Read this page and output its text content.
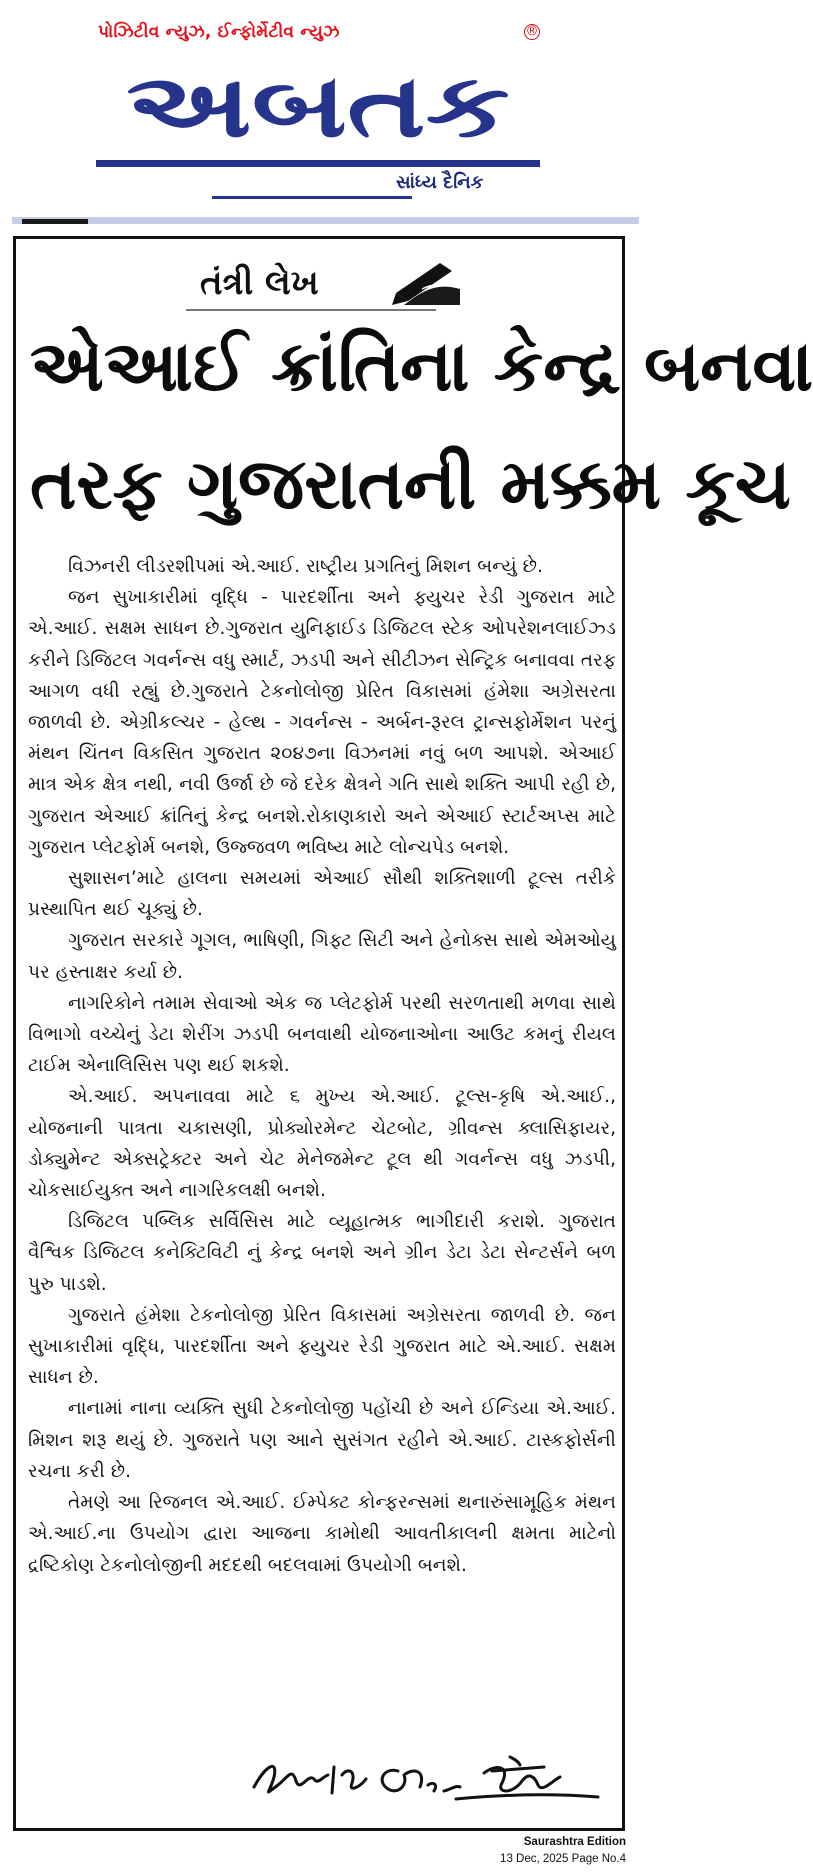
પોઝિટીવ ન્યુઝ, ઈન્ફોર્મેટીવ ન્યુઝ	®
અબતક
સાંધ્ય દૈનિક
તંત્રી લેખ
એઆઈ ક્રાંતિના કેન્દ્ર બનવા
તરફ ગુજરાતની મક્કમ કૂચ

વિઝનરી લીડરશીપમાં એ.આઈ. રાષ્ટ્રીય પ્રગતિનું મિશન બન્યું છે.

જન સુખાકારીમાં વૃદ્ધિ - પારદર્શીતા અને ફ્યુચર રેડી ગુજરાત માટે એ.આઈ. સક્ષમ સાધન છે.ગુજરાત યુનિફાઈડ ડિજિટલ સ્ટેક ઓપરેશનલાઈઝ્ડ કરીને ડિજિટલ ગવર્નન્સ વધુ સ્માર્ટ, ઝડપી અને સીટીઝન સેન્ટ્રિક બનાવવા તરફ આગળ વધી રહ્યું છે.ગુજરાતે ટેકનોલોજી પ્રેરિત વિકાસમાં હંમેશા અગ્રેસરતા જાળવી છે. એગ્રીકલ્ચર - હેલ્થ - ગવર્નન્સ - અર્બન-રૂરલ ટ્રાન્સફોર્મેશન પરનું મંથન ચિંતન વિકસિત ગુજરાત ૨૦૪૭ના વિઝનમાં નવું બળ આપશે. એઆઈ માત્ર એક ક્ષેત્ર નથી, નવી ઉર્જા છે જે દરેક ક્ષેત્રને ગતિ સાથે શક્તિ આપી રહી છે, ગુજરાત એઆઈ ક્રાંતિનું કેન્દ્ર બનશે.રોકાણકારો અને એઆઈ સ્ટાર્ટઅપ્સ માટે ગુજરાત પ્લેટફોર્મ બનશે, ઉજ્જવળ ભવિષ્ય માટે લોન્ચપેડ બનશે.

સુશાસન’માટે હાલના સમયમાં એઆઈ સૌથી શક્તિશાળી ટૂલ્સ તરીકે પ્રસ્થાપિત થઈ ચૂક્યું છે.

ગુજરાત સરકારે ગૂગલ, ભાષિણી, ગિફ્ટ સિટી અને હેનોક્સ સાથે એમઓયુ પર હસ્તાક્ષર કર્યા છે.

નાગરિકોને તમામ સેવાઓ એક જ પ્લેટફોર્મ પરથી સરળતાથી મળવા સાથે વિભાગો વચ્ચેનું ડેટા શેરીંગ ઝડપી બનવાથી યોજનાઓના આઉટ કમનું રીયલ ટાઈમ એનાલિસિસ પણ થઈ શકશે.

એ.આઈ. અપનાવવા માટે ૬ મુખ્ય એ.આઈ. ટૂલ્સ-કૃષિ એ.આઈ., યોજનાની પાત્રતા ચકાસણી, પ્રોક્યોરમેન્ટ ચેટબોટ, ગ્રીવન્સ ક્લાસિફાયર, ડોક્યુમેન્ટ એક્સટ્રેક્ટર અને ચેટ મેનેજમેન્ટ ટૂલ થી ગવર્નન્સ વધુ ઝડપી, ચોકસાઈયુક્ત અને નાગરિકલક્ષી બનશે.

ડિજિટલ પબ્લિક સર્વિસિસ માટે વ્યૂહાત્મક ભાગીદારી કરાશે. ગુજરાત વૈશ્વિક ડિજિટલ કનેક્ટિવિટી નું કેન્દ્ર બનશે અને ગ્રીન ડેટા ડેટા સેન્ટર્સને બળ પુરુ પાડશે.

ગુજરાતે હંમેશા ટેકનોલોજી પ્રેરિત વિકાસમાં અગ્રેસરતા જાળવી છે. જન સુખાકારીમાં વૃદ્ધિ, પારદર્શીતા અને ફ્યુચર રેડી ગુજરાત માટે એ.આઈ. સક્ષમ સાધન છે.

નાનામાં નાના વ્યક્તિ સુધી ટેકનોલોજી પહોંચી છે અને ઈન્ડિયા એ.આઈ. મિશન શરૂ થયું છે. ગુજરાતે પણ આને સુસંગત રહીને એ.આઈ. ટાસ્કફોર્સની રચના કરી છે.

તેમણે આ રિજનલ એ.આઈ. ઈમ્પેક્ટ કોન્ફરન્સમાં થનારુંસામૂહિક મંથન એ.આઈ.ના ઉપયોગ દ્વારા આજના કામોથી આવતીકાલની ક્ષમતા માટેનો દ્રષ્ટિકોણ ટેકનોલોજીની મદદથી બદલવામાં ઉપયોગી બનશે.

Saurashtra Edition
13 Dec, 2025 Page No.4
